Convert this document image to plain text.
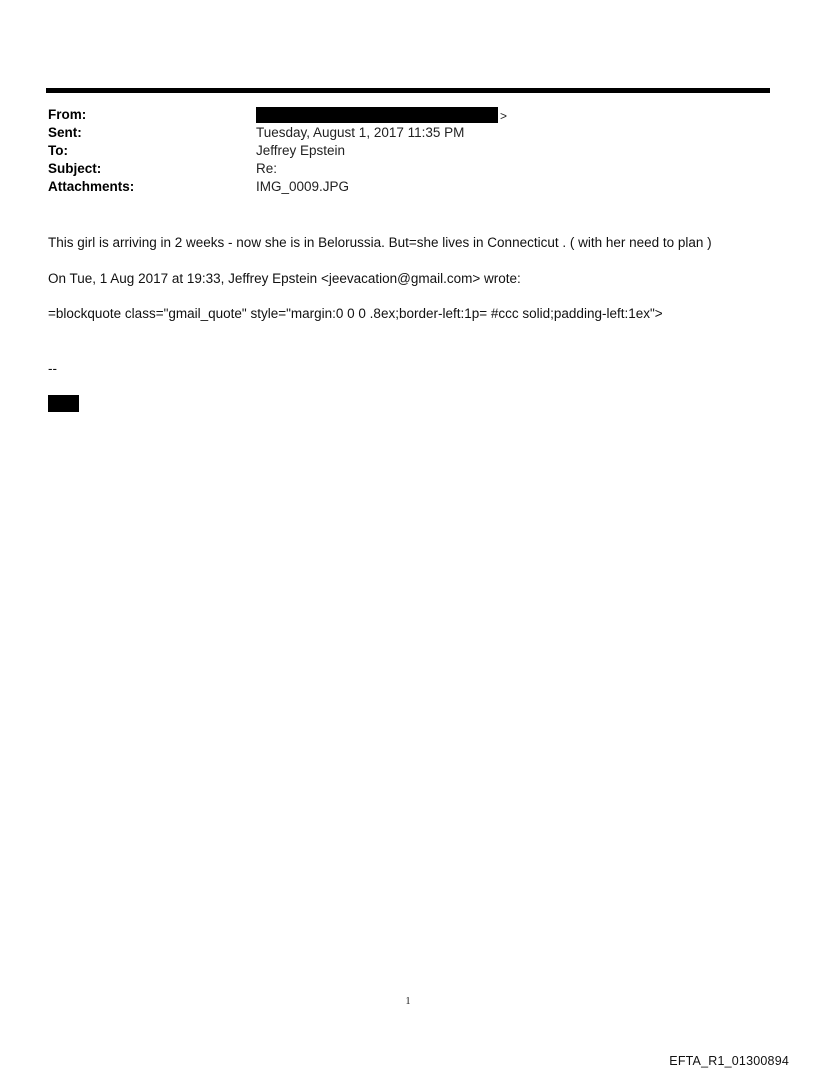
From:	>
Sent:	Tuesday, August 1, 2017 11:35 PM
To:	Jeffrey Epstein
Subject:	Re:
Attachments:	IMG_0009.JPG
This girl is arriving in 2 weeks - now she is in Belorussia. But=she lives in Connecticut . ( with her need to plan )
On Tue, 1 Aug 2017 at 19:33, Jeffrey Epstein <jeevacation@gmail.com> wrote:
=blockquote class="gmail_quote" style="margin:0 0 0 .8ex;border-left:1p= #ccc solid;padding-left:1ex">
--
1
EFTA_R1_01300894
